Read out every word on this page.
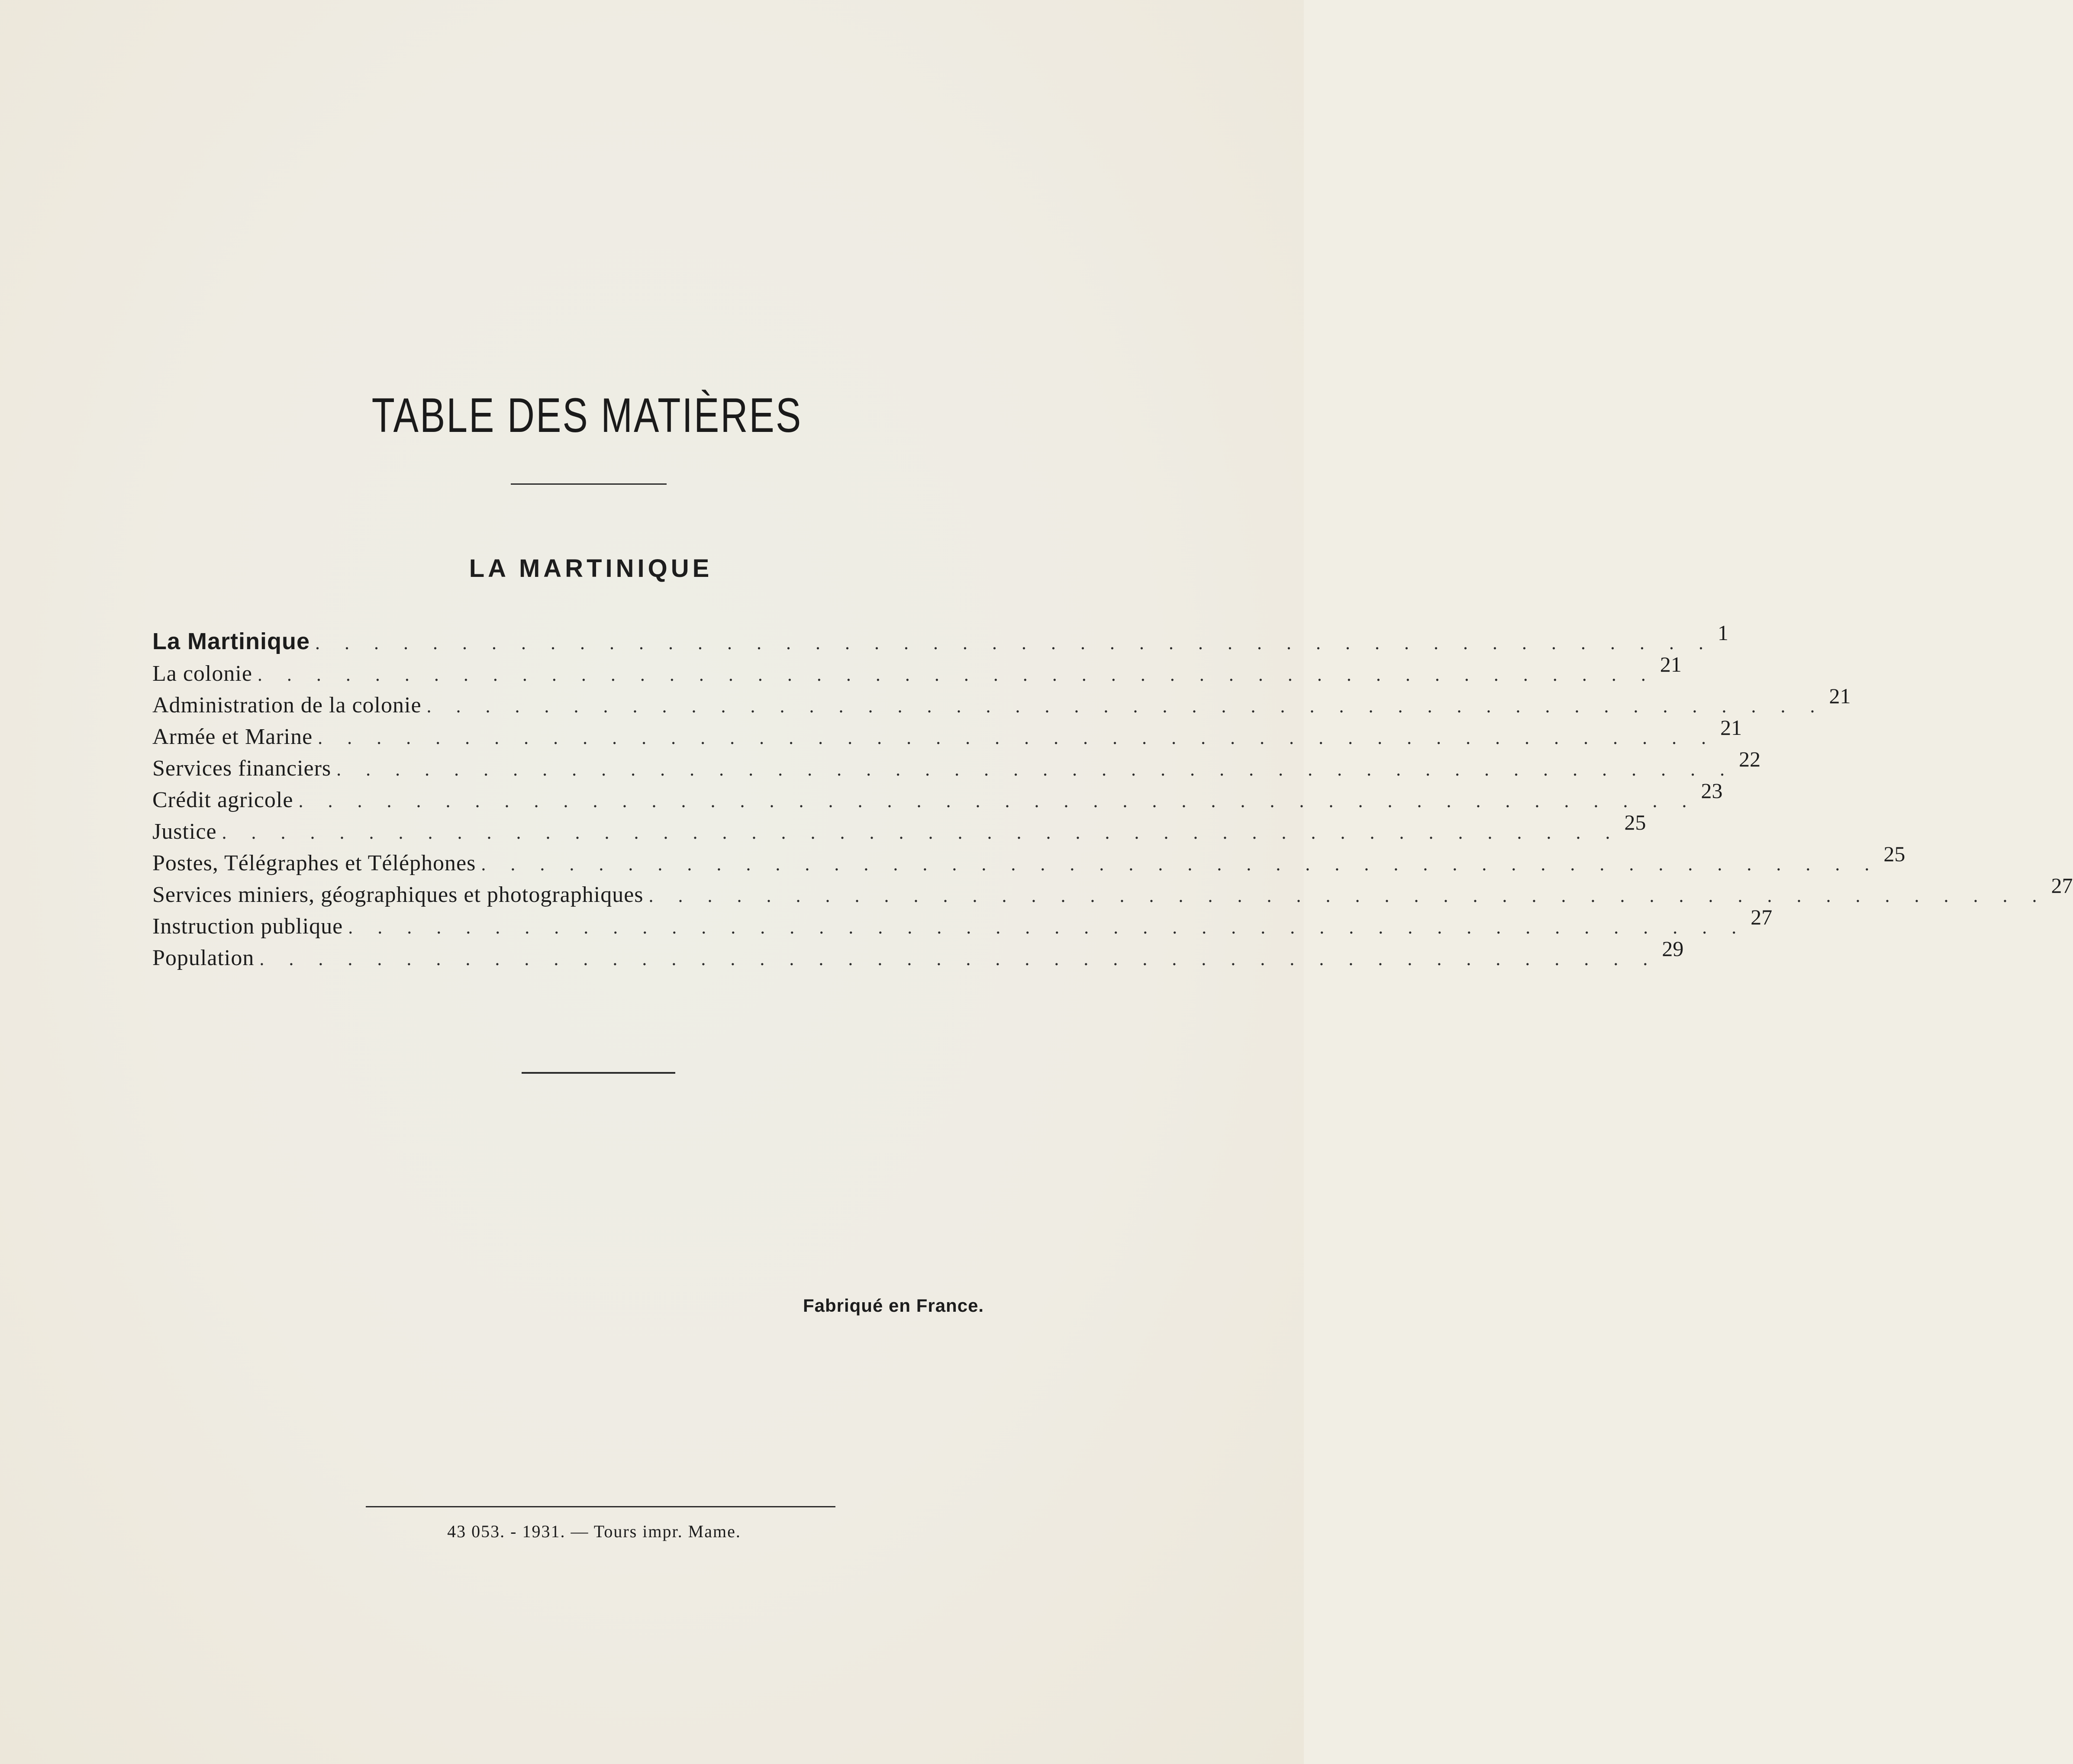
TABLE DES MATIÈRES
LA MARTINIQUE
La Martinique . . . . . . . . . . . . . . . . . . . . . . . . . . . . . . . . . . . . . . . . . . . . . . . . 1
La colonie . . . . . . . . . . . . . . . . . . . . . . . . . . . . . . . . . . . . . . . . . . . . . . . . 21
Administration de la colonie . . . . . . . . . . . . . . . . . . . . . . . . . . . . . . . . . . . . . . . . . . . . . . . . 21
Armée et Marine . . . . . . . . . . . . . . . . . . . . . . . . . . . . . . . . . . . . . . . . . . . . . . . . 21
Services financiers . . . . . . . . . . . . . . . . . . . . . . . . . . . . . . . . . . . . . . . . . . . . . . . . 22
Crédit agricole . . . . . . . . . . . . . . . . . . . . . . . . . . . . . . . . . . . . . . . . . . . . . . . . 23
Justice . . . . . . . . . . . . . . . . . . . . . . . . . . . . . . . . . . . . . . . . . . . . . . . . 25
Postes, Télégraphes et Téléphones . . . . . . . . . . . . . . . . . . . . . . . . . . . . . . . . . . . . . . . . . . . . . . . . 25
Services miniers, géographiques et photographiques . . . . . . . . . . . . . . . . . . . . . . . . . . . . . . . . . . . . . . . . . . . . . . . . 27
Instruction publique . . . . . . . . . . . . . . . . . . . . . . . . . . . . . . . . . . . . . . . . . . . . . . . . 27
Population . . . . . . . . . . . . . . . . . . . . . . . . . . . . . . . . . . . . . . . . . . . . . . . . 29
Fabriqué en France.
43 053. - 1931. — Tours impr. Mame.
